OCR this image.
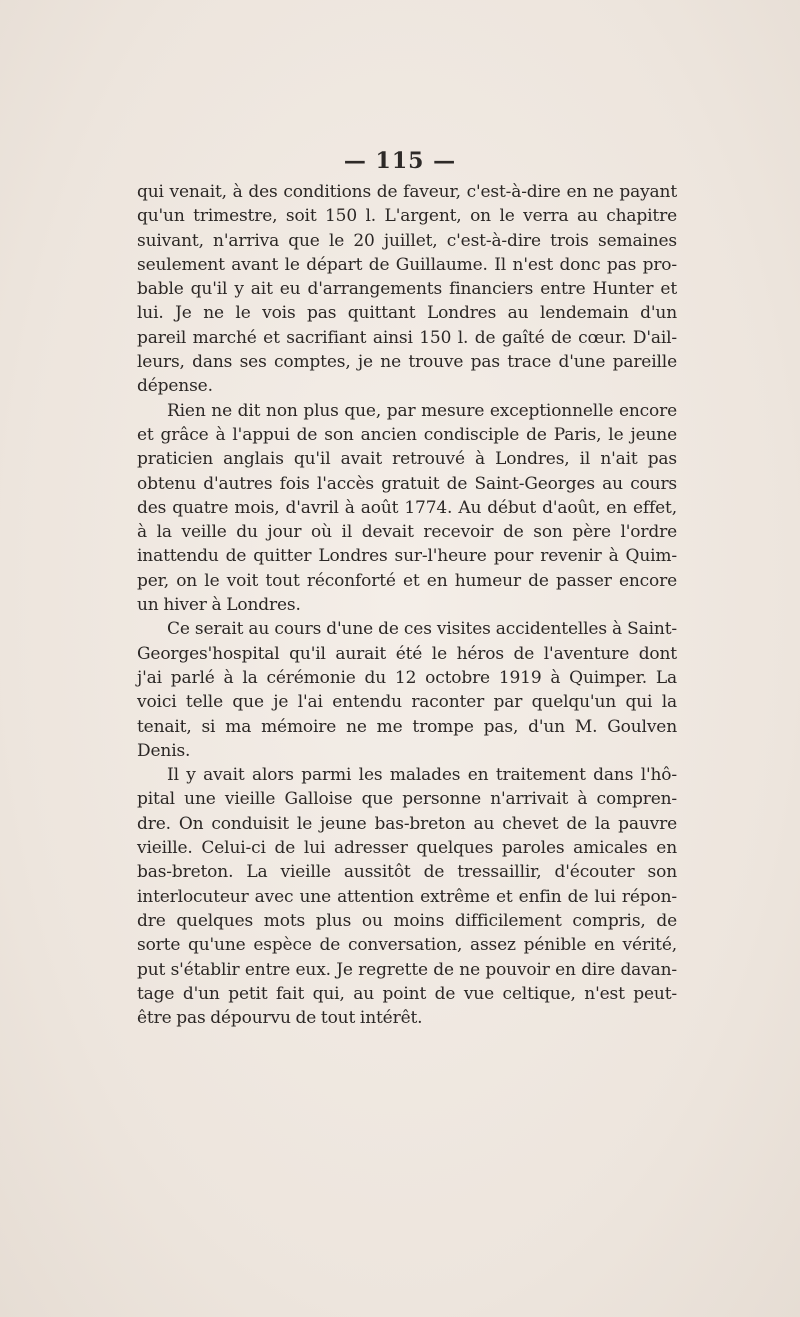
— 115 —

qui venait, à des conditions de faveur, c'est-à-dire en ne payant
qu'un trimestre, soit 150 l. L'argent, on le verra au chapitre
suivant, n'arriva que le 20 juillet, c'est-à-dire trois semaines
seulement avant le départ de Guillaume. Il n'est donc pas pro-
bable qu'il y ait eu d'arrangements financiers entre Hunter et
lui. Je ne le vois pas quittant Londres au lendemain d'un
pareil marché et sacrifiant ainsi 150 l. de gaîté de cœur. D'ail-
leurs, dans ses comptes, je ne trouve pas trace d'une pareille
dépense.

Rien ne dit non plus que, par mesure exceptionnelle encore
et grâce à l'appui de son ancien condisciple de Paris, le jeune
praticien anglais qu'il avait retrouvé à Londres, il n'ait pas
obtenu d'autres fois l'accès gratuit de Saint-Georges au cours
des quatre mois, d'avril à août 1774. Au début d'août, en effet,
à la veille du jour où il devait recevoir de son père l'ordre
inattendu de quitter Londres sur-l'heure pour revenir à Quim-
per, on le voit tout réconforté et en humeur de passer encore
un hiver à Londres.

Ce serait au cours d'une de ces visites accidentelles à Saint-
Georges'hospital qu'il aurait été le héros de l'aventure dont
j'ai parlé à la cérémonie du 12 octobre 1919 à Quimper. La
voici telle que je l'ai entendu raconter par quelqu'un qui la
tenait, si ma mémoire ne me trompe pas, d'un M. Goulven
Denis.

Il y avait alors parmi les malades en traitement dans l'hô-
pital une vieille Galloise que personne n'arrivait à compren-
dre. On conduisit le jeune bas-breton au chevet de la pauvre
vieille. Celui-ci de lui adresser quelques paroles amicales en
bas-breton. La vieille aussitôt de tressaillir, d'écouter son
interlocuteur avec une attention extrême et enfin de lui répon-
dre quelques mots plus ou moins difficilement compris, de
sorte qu'une espèce de conversation, assez pénible en vérité,
put s'établir entre eux. Je regrette de ne pouvoir en dire davan-
tage d'un petit fait qui, au point de vue celtique, n'est peut-
être pas dépourvu de tout intérêt.
